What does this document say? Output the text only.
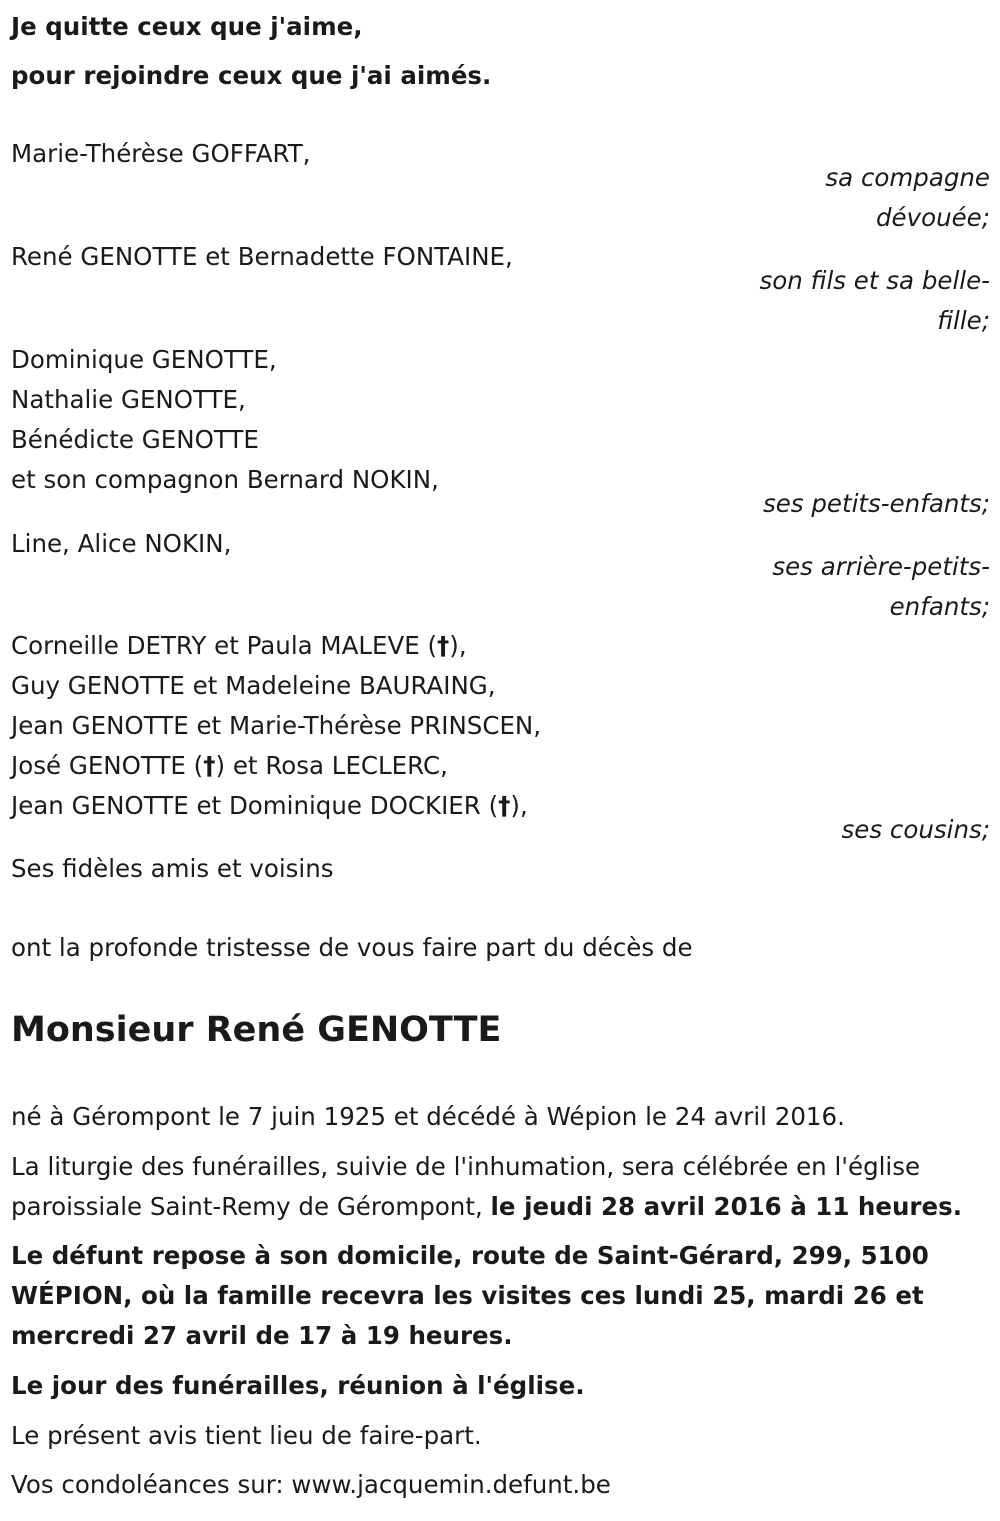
Je quitte ceux que j'aime,
pour rejoindre ceux que j'ai aimés.
Marie-Thérèse GOFFART,
sa compagne
dévouée;
René GENOTTE et Bernadette FONTAINE,
son fils et sa belle-
fille;
Dominique GENOTTE,
Nathalie GENOTTE,
Bénédicte GENOTTE
et son compagnon Bernard NOKIN,
ses petits-enfants;
Line, Alice NOKIN,
ses arrière-petits-
enfants;
Corneille DETRY et Paula MALEVE (†),
Guy GENOTTE et Madeleine BAURAING,
Jean GENOTTE et Marie-Thérèse PRINSCEN,
José GENOTTE (†) et Rosa LECLERC,
Jean GENOTTE et Dominique DOCKIER (†),
ses cousins;
Ses fidèles amis et voisins
ont la profonde tristesse de vous faire part du décès de
Monsieur René GENOTTE
né à Gérompont le 7 juin 1925 et décédé à Wépion le 24 avril 2016.
La liturgie des funérailles, suivie de l'inhumation, sera célébrée en l'église
paroissiale Saint-Remy de Gérompont, le jeudi 28 avril 2016 à 11 heures.
Le défunt repose à son domicile, route de Saint-Gérard, 299, 5100
WÉPION, où la famille recevra les visites ces lundi 25, mardi 26 et
mercredi 27 avril de 17 à 19 heures.
Le jour des funérailles, réunion à l'église.
Le présent avis tient lieu de faire-part.
Vos condoléances sur: www.jacquemin.defunt.be
